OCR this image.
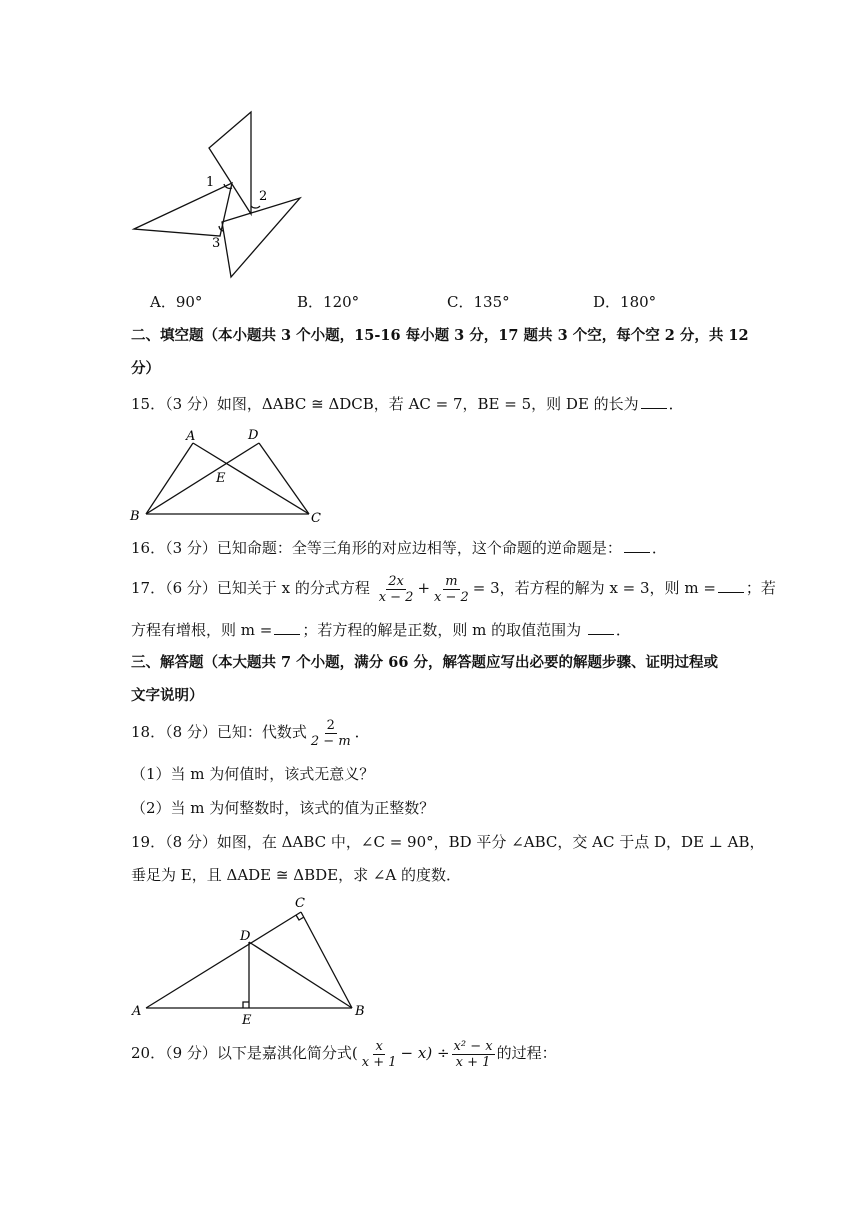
1
2
3
A．90°	B．120°	C．135°	D．180°
二、填空题（本小题共 3 个小题，15-16 每小题 3 分，17 题共 3 个空，每个空 2 分，共 12
分）
15．（3 分）如图，ΔABC ≅ ΔDCB，若 AC = 7，BE = 5，则 DE 的长为 ．
A	D
E
B	C
16．（3 分）已知命题：全等三角形的对应边相等，这个命题的逆命题是： ．
17．（6 分）已知关于 x 的分式方程 $\frac{2x}{x - 2} + \frac{m}{x - 2} = 3$，若方程的解为 x = 3，则 m = ；若
方程有增根，则 m = ；若方程的解是正数，则 m 的取值范围为 ．
三、解答题（本大题共 7 个小题，满分 66 分，解答题应写出必要的解题步骤、证明过程或
文字说明）
18．（8 分）已知：代数式 $\frac{2}{2 - m}$ ．
（1）当 m 为何值时，该式无意义？
（2）当 m 为何整数时，该式的值为正整数？
19．（8 分）如图，在 ΔABC 中，∠C = 90°，BD 平分 ∠ABC，交 AC 于点 D，DE ⊥ AB，
垂足为 E，且 ΔADE ≅ ΔBDE，求 ∠A 的度数．
A	B
C
D
E
20．（9 分）以下是嘉淇化简分式( $\frac{x}{x + 1} - x) \div \frac{\text{x² − x}}{x + 1}$ 的过程：
